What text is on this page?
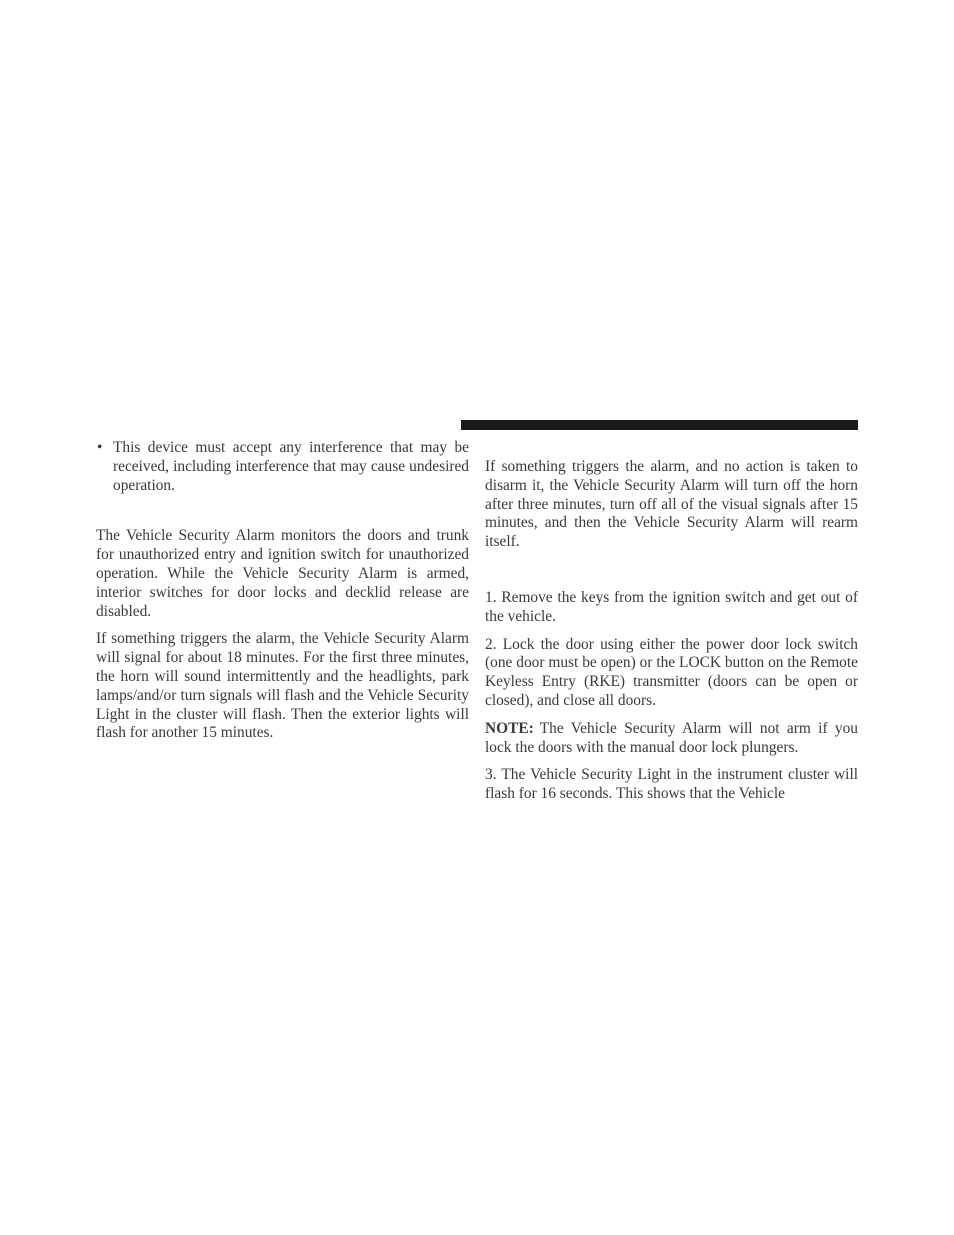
• This device must accept any interference that may be received, including interference that may cause undesired operation.

The Vehicle Security Alarm monitors the doors and trunk for unauthorized entry and ignition switch for unauthorized operation. While the Vehicle Security Alarm is armed, interior switches for door locks and decklid release are disabled.

If something triggers the alarm, the Vehicle Security Alarm will signal for about 18 minutes. For the first three minutes, the horn will sound intermittently and the headlights, park lamps/and/or turn signals will flash and the Vehicle Security Light in the cluster will flash. Then the exterior lights will flash for another 15 minutes.

If something triggers the alarm, and no action is taken to disarm it, the Vehicle Security Alarm will turn off the horn after three minutes, turn off all of the visual signals after 15 minutes, and then the Vehicle Security Alarm will rearm itself.

1. Remove the keys from the ignition switch and get out of the vehicle.

2. Lock the door using either the power door lock switch (one door must be open) or the LOCK button on the Remote Keyless Entry (RKE) transmitter (doors can be open or closed), and close all doors.

NOTE: The Vehicle Security Alarm will not arm if you lock the doors with the manual door lock plungers.

3. The Vehicle Security Light in the instrument cluster will flash for 16 seconds. This shows that the Vehicle
